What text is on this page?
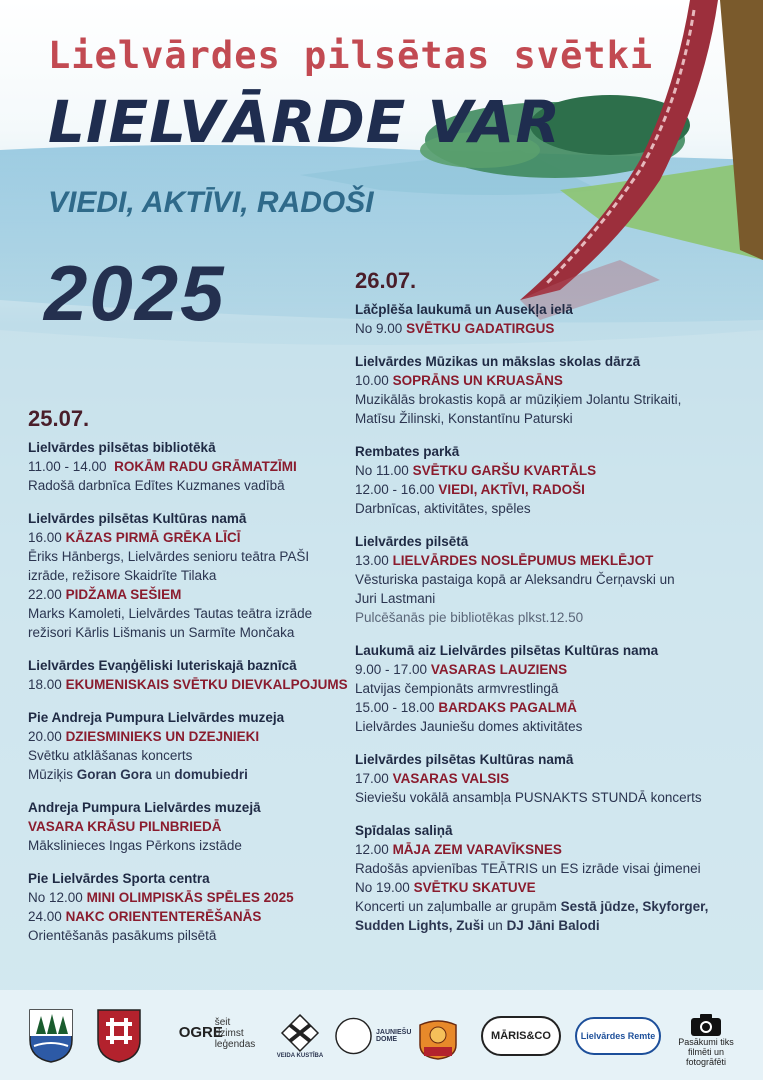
Lielvārdes pilsētas svētki
LIELVĀRDE VAR
VIEDI, AKTĪVI, RADOŠI
2025
25.07.
Lielvārdes pilsētas bibliotēkā
11.00 - 14.00 ROKĀM RADU GRĀMATZĪMI
Radošā darbnīca Edītes Kuzmanes vadībā
Lielvārdes pilsētas Kultūras namā
16.00 KĀZAS PIRMĀ GRĒKA LĪCĪ
Ēriks Hānbergs, Lielvārdes senioru teātra PAŠI
izrāde, režisore Skaidrīte Tilaka
22.00 PIDŽAMA SEŠIEM
Marks Kamoleti, Lielvārdes Tautas teātra izrāde
režisori Kārlis Lišmanis un Sarmīte Mončaka
Lielvārdes Evaņģēliski luteriskajā baznīcā
18.00 EKUMENISKAIS SVĒTKU DIEVKALPOJUMS
Pie Andreja Pumpura Lielvārdes muzeja
20.00 DZIESMINIEKS UN DZEJNIEKI
Svētku atklāšanas koncerts
Mūziķis Goran Gora un domubiedri
Andreja Pumpura Lielvārdes muzejā
VASARA KRĀSU PILNBRIEDĀ
Mākslinieces Ingas Pērkons izstāde
Pie Lielvārdes Sporta centra
No 12.00 MINI OLIMPISKĀS SPĒLES 2025
24.00 NAKC ORIENTENTERĒŠANĀS
Orientēšanās pasākums pilsētā
26.07.
Lāčplēša laukumā un Ausekļa ielā
No 9.00 SVĒTKU GADATIRGUS
Lielvārdes Mūzikas un mākslas skolas dārzā
10.00 SOPRĀNS UN KRUASĀNS
Muzikālās brokastis kopā ar mūziķiem Jolantu Strikaiti,
Matīsu Žilinski, Konstantīnu Paturski
Rembates parkā
No 11.00 SVĒTKU GARŠU KVARTĀLS
12.00 - 16.00 VIEDI, AKTĪVI, RADOŠI
Darbnīcas, aktivitātes, spēles
Lielvārdes pilsētā
13.00 LIELVĀRDES NOSLĒPUMUS MEKLĒJOT
Vēsturiska pastaiga kopā ar Aleksandru Čerņavski un
Juri Lastmani
Pulcēšanās pie bibliotēkas plkst.12.50
Laukumā aiz Lielvārdes pilsētas Kultūras nama
9.00 - 17.00 VASARAS LAUZIENS
Latvijas čempionāts armvrestlingā
15.00 - 18.00 BARDAKS PAGALMĀ
Lielvārdes Jauniešu domes aktivitātes
Lielvārdes pilsētas Kultūras namā
17.00 VASARAS VALSIS
Sieviešu vokālā ansambļa PUSNAKTS STUNDĀ koncerts
Spīdalas saliņā
12.00 MĀJA ZEM VARAVĪKSNES
Radošās apvienības TEĀTRIS un ES izrāde visai ģimenei
No 19.00 SVĒTKU SKATUVE
Koncerti un zaļumballe ar grupām Sestā jūdze, Skyforger,
Sudden Lights, Zuši un DJ Jāni Balodi
OGRE
šeit
dzimst
leģendas
VEIDA KUSTĪBA
JAUNIEŠU DOME
ĀDAŽI
MĀRIS&CO	Lielvārdes Remte
Pasākumi tiks
filmēti un
fotogrāfēti
